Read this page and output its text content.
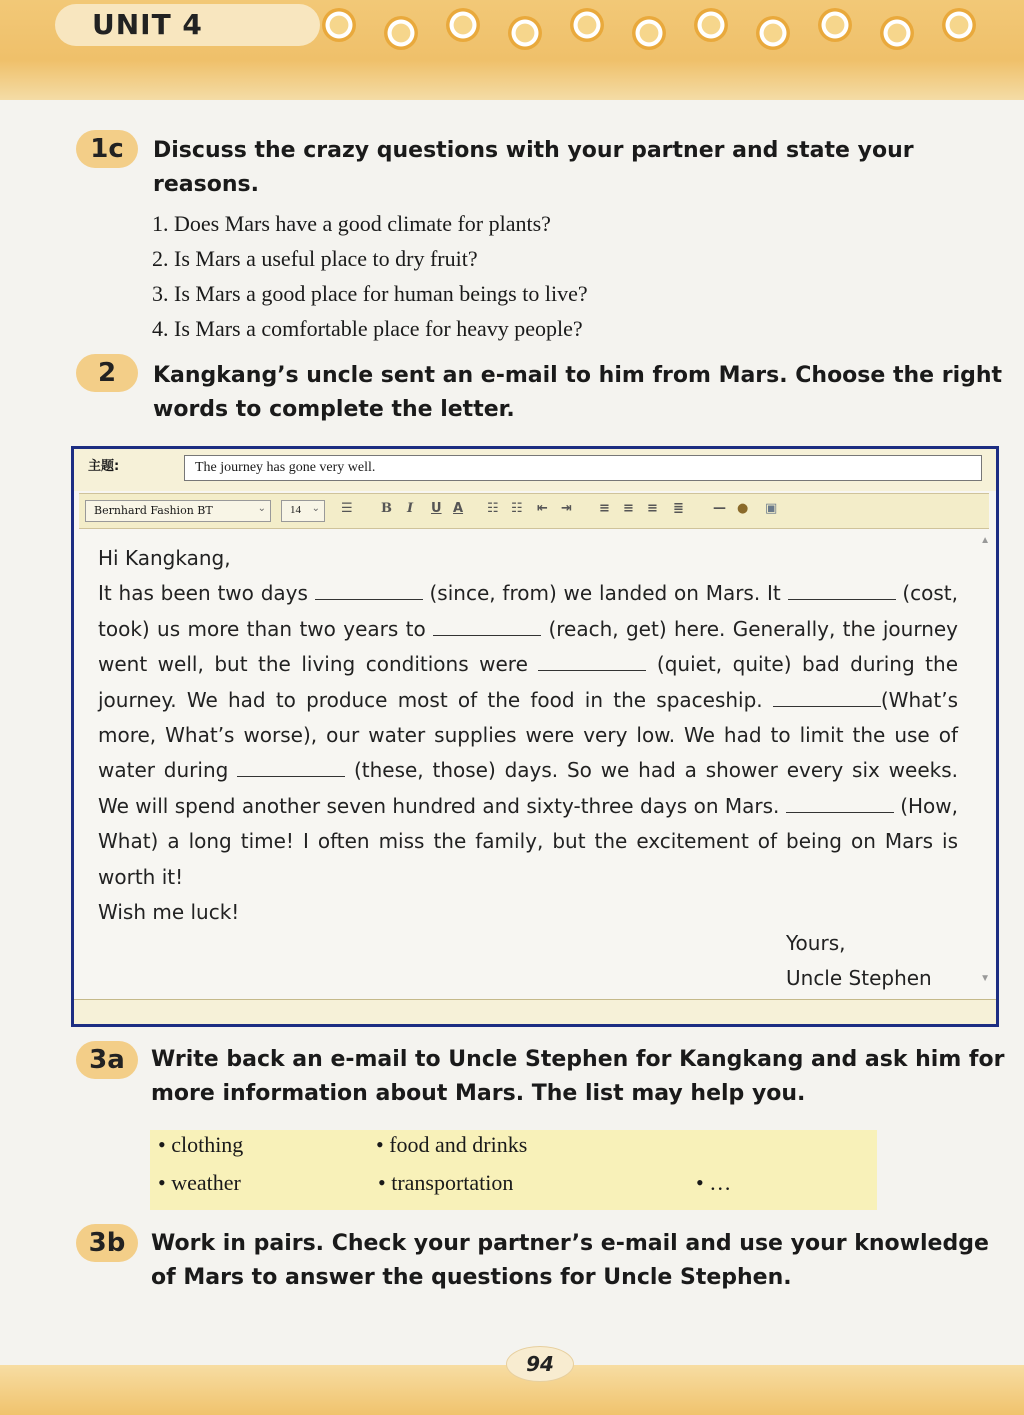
UNIT 4
1c	Discuss the crazy questions with your partner and state your
reasons.
1. Does Mars have a good climate for plants?
2. Is Mars a useful place to dry fruit?
3. Is Mars a good place for human beings to live?
4. Is Mars a comfortable place for heavy people?
2	Kangkang’s uncle sent an e-mail to him from Mars. Choose the right
words to complete the letter.
主题:	The journey has gone very well.
Bernhard Fashion BT	⌄ 14 ⌄ ☰ B I U A ☷ ☷ ⇤ ⇥ ≡ ≡ ≡ ≣ — ● ▣
▲

Hi Kangkang,

It has been two days	(since, from) we landed on Mars. It	(cost, took) us more than two years to	(reach, get) here. Generally, the journey went well, but the living conditions were	(quiet, quite) bad during the journey. We had to produce most of the food in the spaceship.	(What’s more, What’s worse), our water supplies were very low. We had to limit the use of water during	(these, those) days. So we had a shower every six weeks. We will spend another seven hundred and sixty-three days on Mars.	(How, What) a long time! I often miss the family, but the excitement of being on Mars is worth it!

Wish me luck!

Yours,
Uncle Stephen	▼
3a	Write back an e-mail to Uncle Stephen for Kangkang and ask him for
more information about Mars. The list may help you.
• clothing	• food and drinks
• weather	• transportation	• …
3b	Work in pairs. Check your partner’s e-mail and use your knowledge
of Mars to answer the questions for Uncle Stephen.
94
